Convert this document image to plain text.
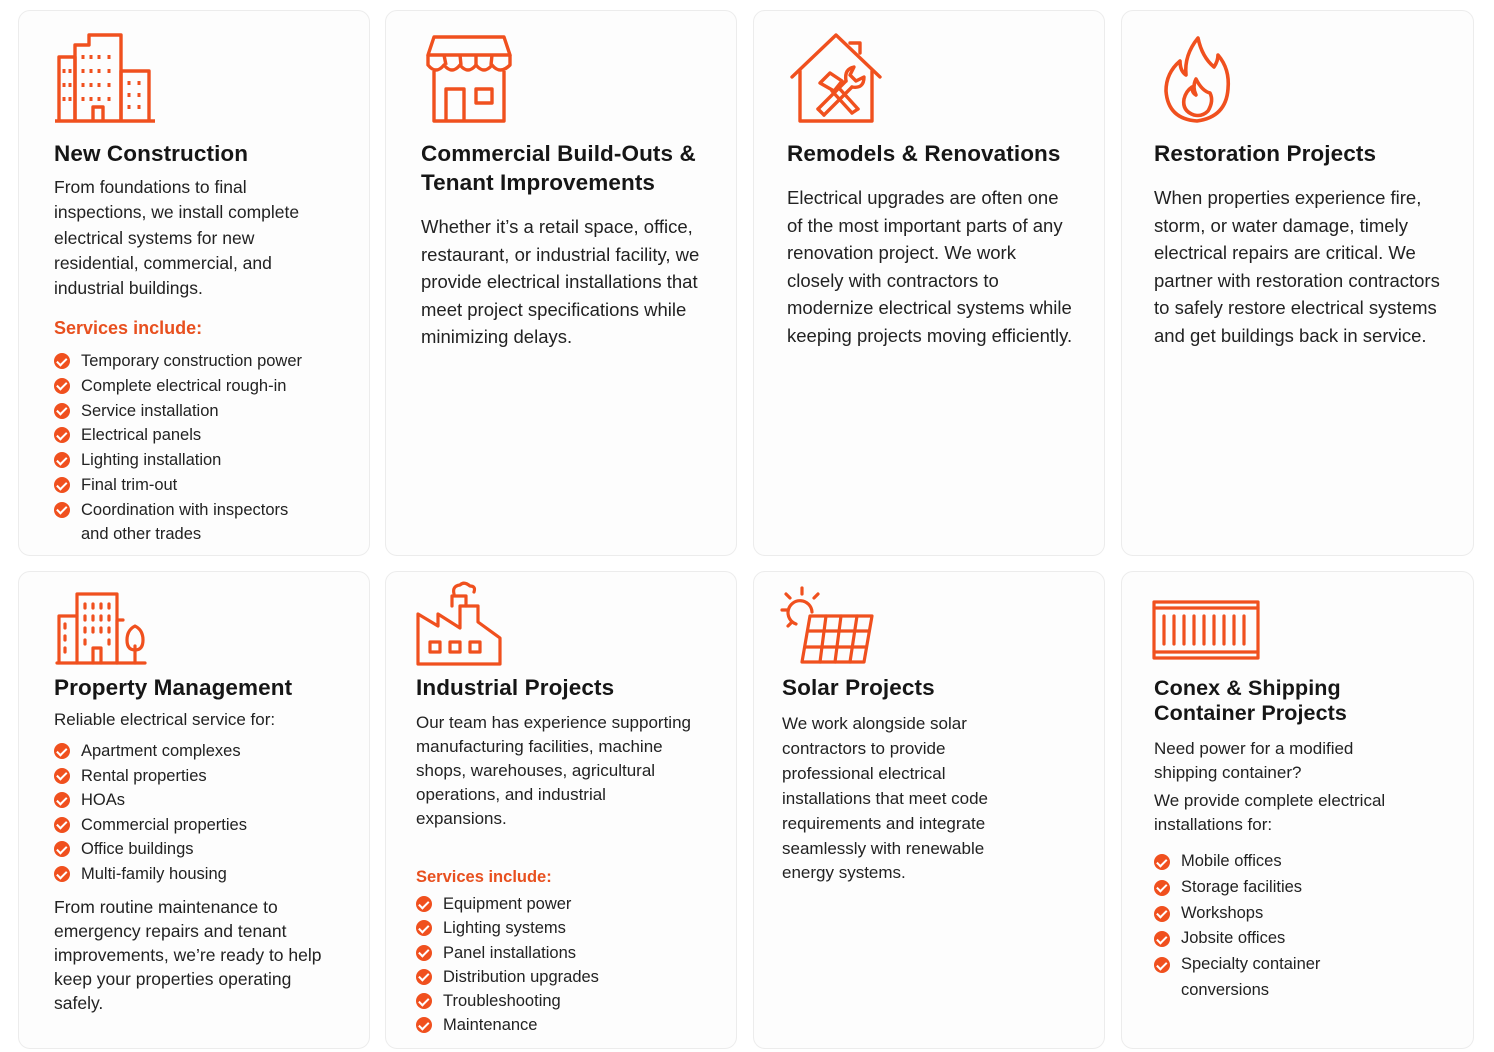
New Construction
From foundations to final inspections, we install complete electrical systems for new residential, commercial, and industrial buildings.
Services include:
Temporary construction power
Complete electrical rough-in
Service installation
Electrical panels
Lighting installation
Final trim-out
Coordination with inspectors and other trades
Commercial Build-Outs & Tenant Improvements
Whether it’s a retail space, office, restaurant, or industrial facility, we provide electrical installations that meet project specifications while minimizing delays.
Remodels & Renovations
Electrical upgrades are often one of the most important parts of any renovation project. We work closely with contractors to modernize electrical systems while keeping projects moving efficiently.
Restoration Projects
When properties experience fire, storm, or water damage, timely electrical repairs are critical. We partner with restoration contractors to safely restore electrical systems and get buildings back in service.
Property Management
Reliable electrical service for:
Apartment complexes
Rental properties
HOAs
Commercial properties
Office buildings
Multi-family housing
From routine maintenance to emergency repairs and tenant improvements, we’re ready to help keep your properties operating safely.
Industrial Projects
Our team has experience supporting manufacturing facilities, machine shops, warehouses, agricultural operations, and industrial expansions.
Services include:
Equipment power
Lighting systems
Panel installations
Distribution upgrades
Troubleshooting
Maintenance
Solar Projects
We work alongside solar contractors to provide professional electrical installations that meet code requirements and integrate seamlessly with renewable energy systems.
Conex & Shipping Container Projects
Need power for a modified shipping container?
We provide complete electrical installations for:
Mobile offices
Storage facilities
Workshops
Jobsite offices
Specialty container conversions
